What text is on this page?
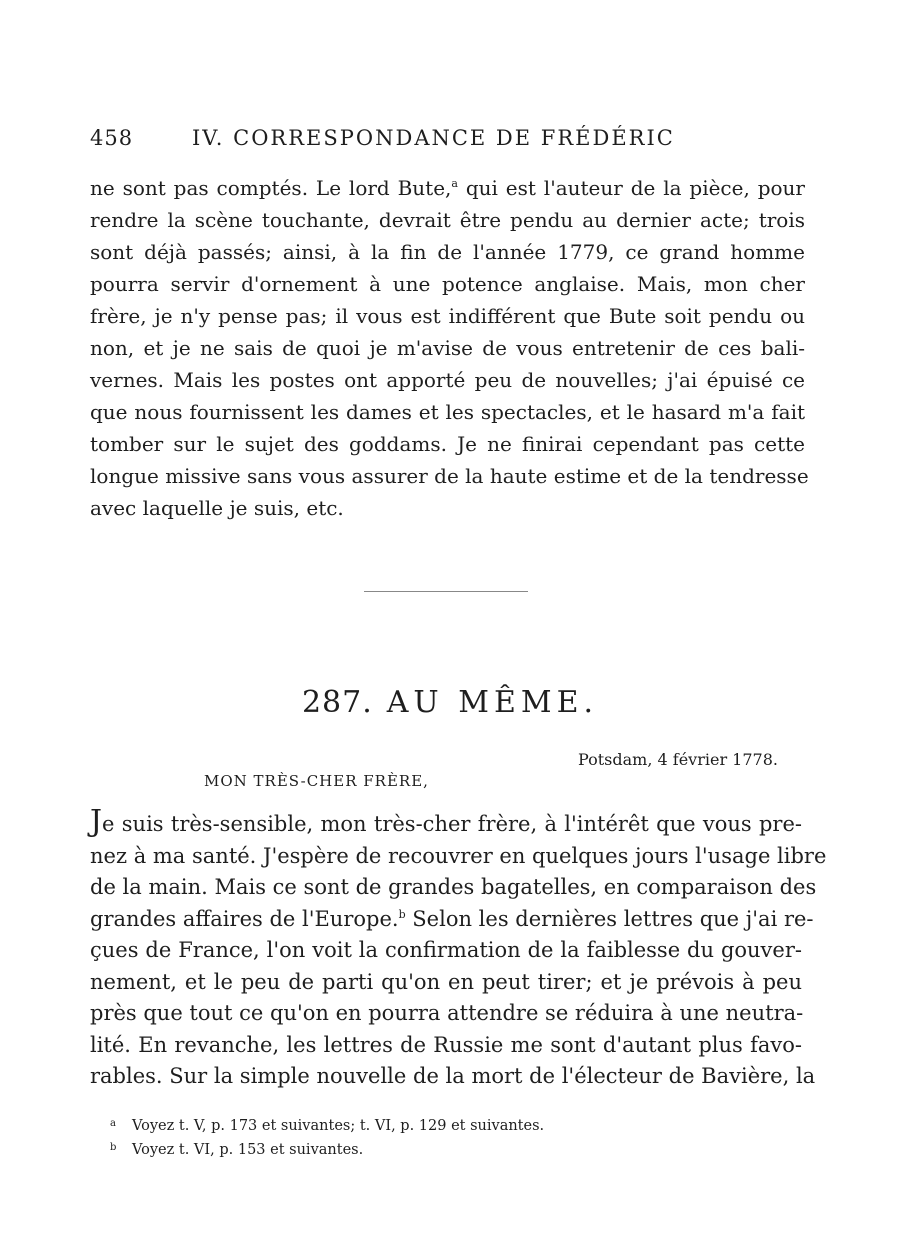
458	IV. CORRESPONDANCE DE FRÉDÉRIC
ne sont pas comptés. Le lord Bute,$^a$ qui est l'auteur de la pièce, pour
rendre la scène touchante, devrait être pendu au dernier acte; trois
sont déjà passés; ainsi, à la fin de l'année 1779, ce grand homme
pourra servir d'ornement à une potence anglaise. Mais, mon cher
frère, je n'y pense pas; il vous est indifférent que Bute soit pendu ou
non, et je ne sais de quoi je m'avise de vous entretenir de ces bali-
vernes. Mais les postes ont apporté peu de nouvelles; j'ai épuisé ce
que nous fournissent les dames et les spectacles, et le hasard m'a fait
tomber sur le sujet des goddams. Je ne finirai cependant pas cette
longue missive sans vous assurer de la haute estime et de la tendresse
avec laquelle je suis, etc.
287. AU MÊME.
Potsdam, 4 février 1778.
MON TRÈS-CHER FRÈRE,
Je suis très-sensible, mon très-cher frère, à l'intérêt que vous pre-
nez à ma santé. J'espère de recouvrer en quelques jours l'usage libre
de la main. Mais ce sont de grandes bagatelles, en comparaison des
grandes affaires de l'Europe.$^b$ Selon les dernières lettres que j'ai re-
çues de France, l'on voit la confirmation de la faiblesse du gouver-
nement, et le peu de parti qu'on en peut tirer; et je prévois à peu
près que tout ce qu'on en pourra attendre se réduira à une neutra-
lité. En revanche, les lettres de Russie me sont d'autant plus favo-
rables. Sur la simple nouvelle de la mort de l'électeur de Bavière, la
a Voyez t. V, p. 173 et suivantes; t. VI, p. 129 et suivantes.
b Voyez t. VI, p. 153 et suivantes.
